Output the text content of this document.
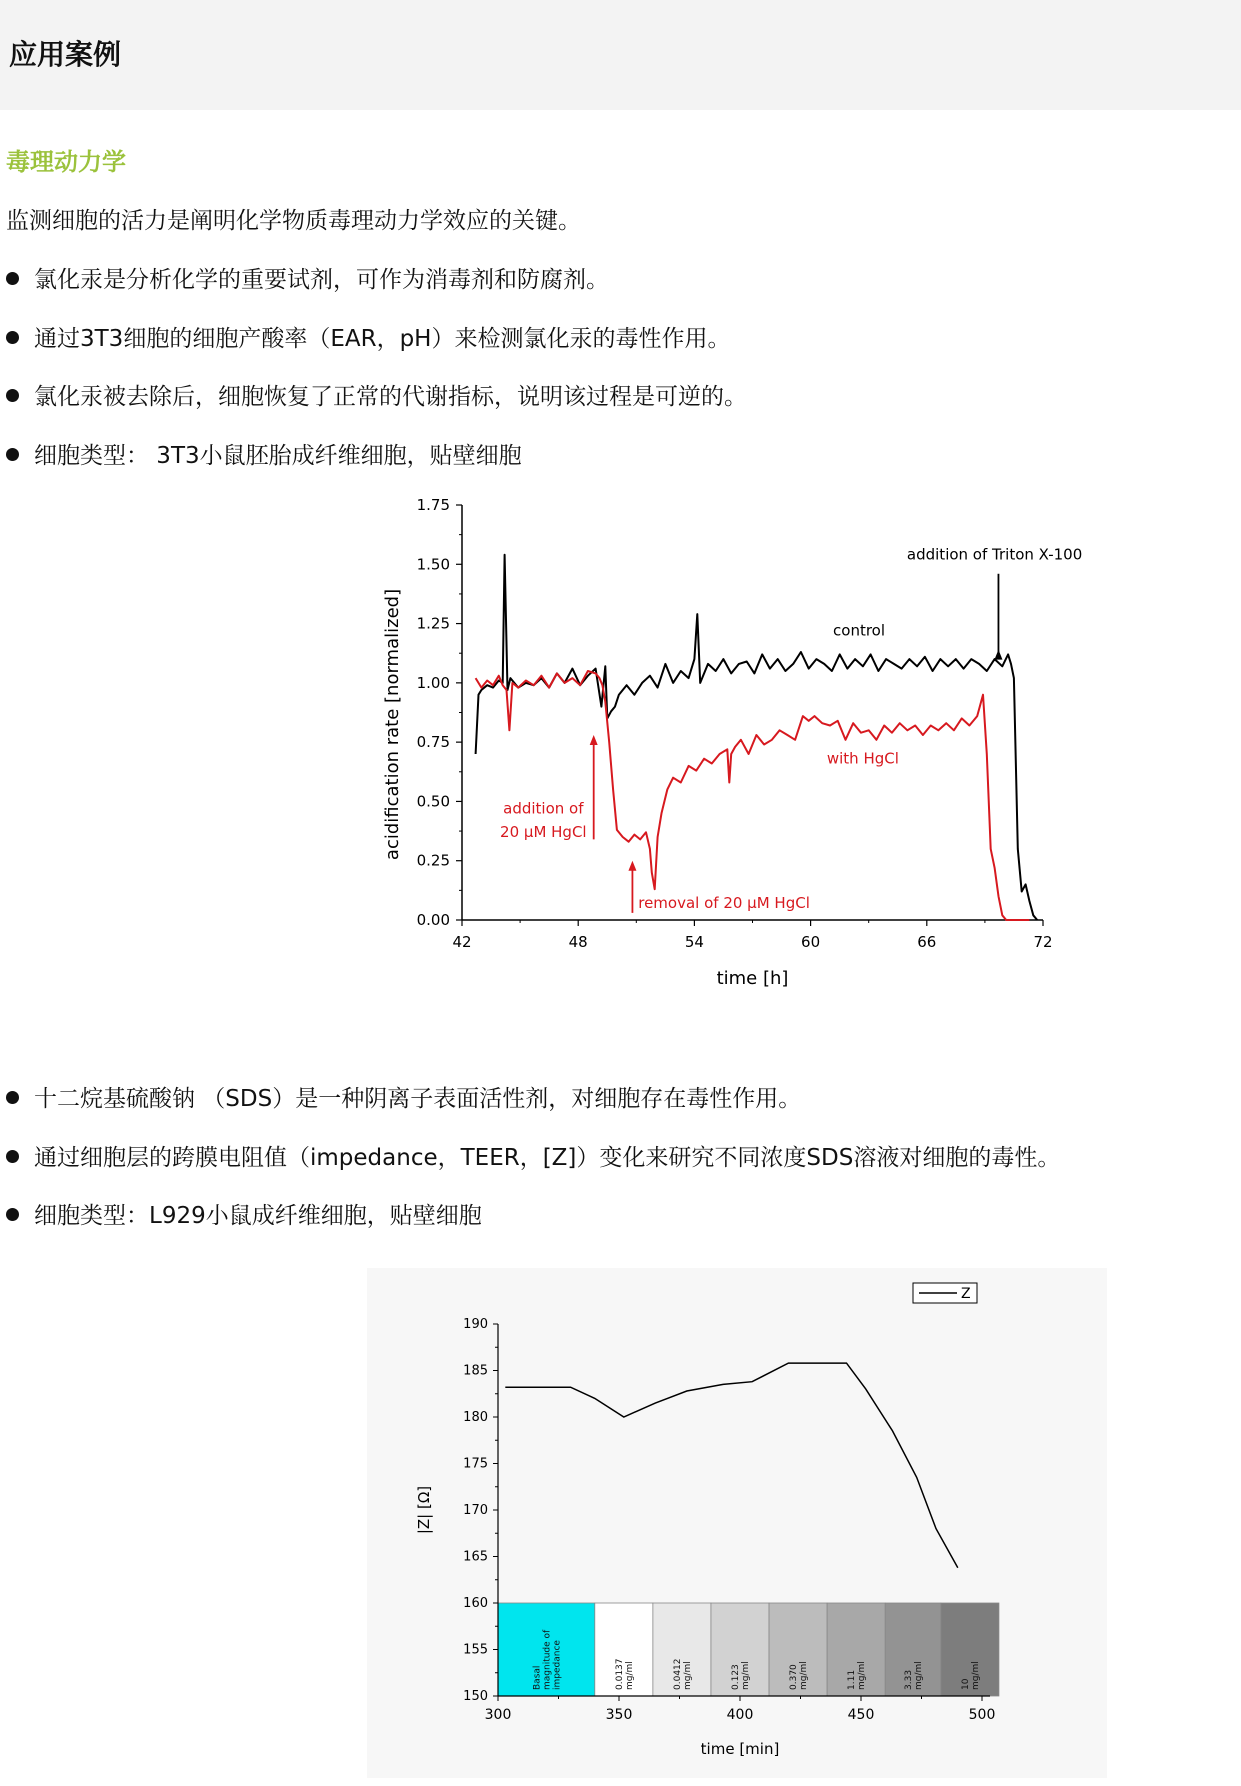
应用案例
毒理动力学
监测细胞的活力是阐明化学物质毒理动力学效应的关键。
氯化汞是分析化学的重要试剂，可作为消毒剂和防腐剂。
通过3T3细胞的细胞产酸率（EAR，pH）来检测氯化汞的毒性作用。
氯化汞被去除后，细胞恢复了正常的代谢指标，说明该过程是可逆的。
细胞类型： 3T3小鼠胚胎成纤维细胞，贴壁细胞
0.00
0.25
0.50
0.75
1.00
1.25
1.50
1.75
42	48	54	60	66	72
time [h]
acidification rate [normalized]	control
with HgCl
addition of
20 μM HgCl
removal of 20 μM HgCl
addition of Triton X-100
十二烷基硫酸钠 （SDS）是一种阴离子表面活性剂，对细胞存在毒性作用。
通过细胞层的跨膜电阻值（impedance，TEER，[Z]）变化来研究不同浓度SDS溶液对细胞的毒性。
细胞类型：L929小鼠成纤维细胞，贴壁细胞
Basal magnitude of impedance	0.0137 mg/ml	0.0412 mg/ml	0.123 mg/ml	0.370 mg/ml	1.11 mg/ml	3.33 mg/ml	10 mg/ml
150
155
160
165
170
175
180
185
190
300	350	400	450	500
time [min]
|Z| [Ω]
Z
